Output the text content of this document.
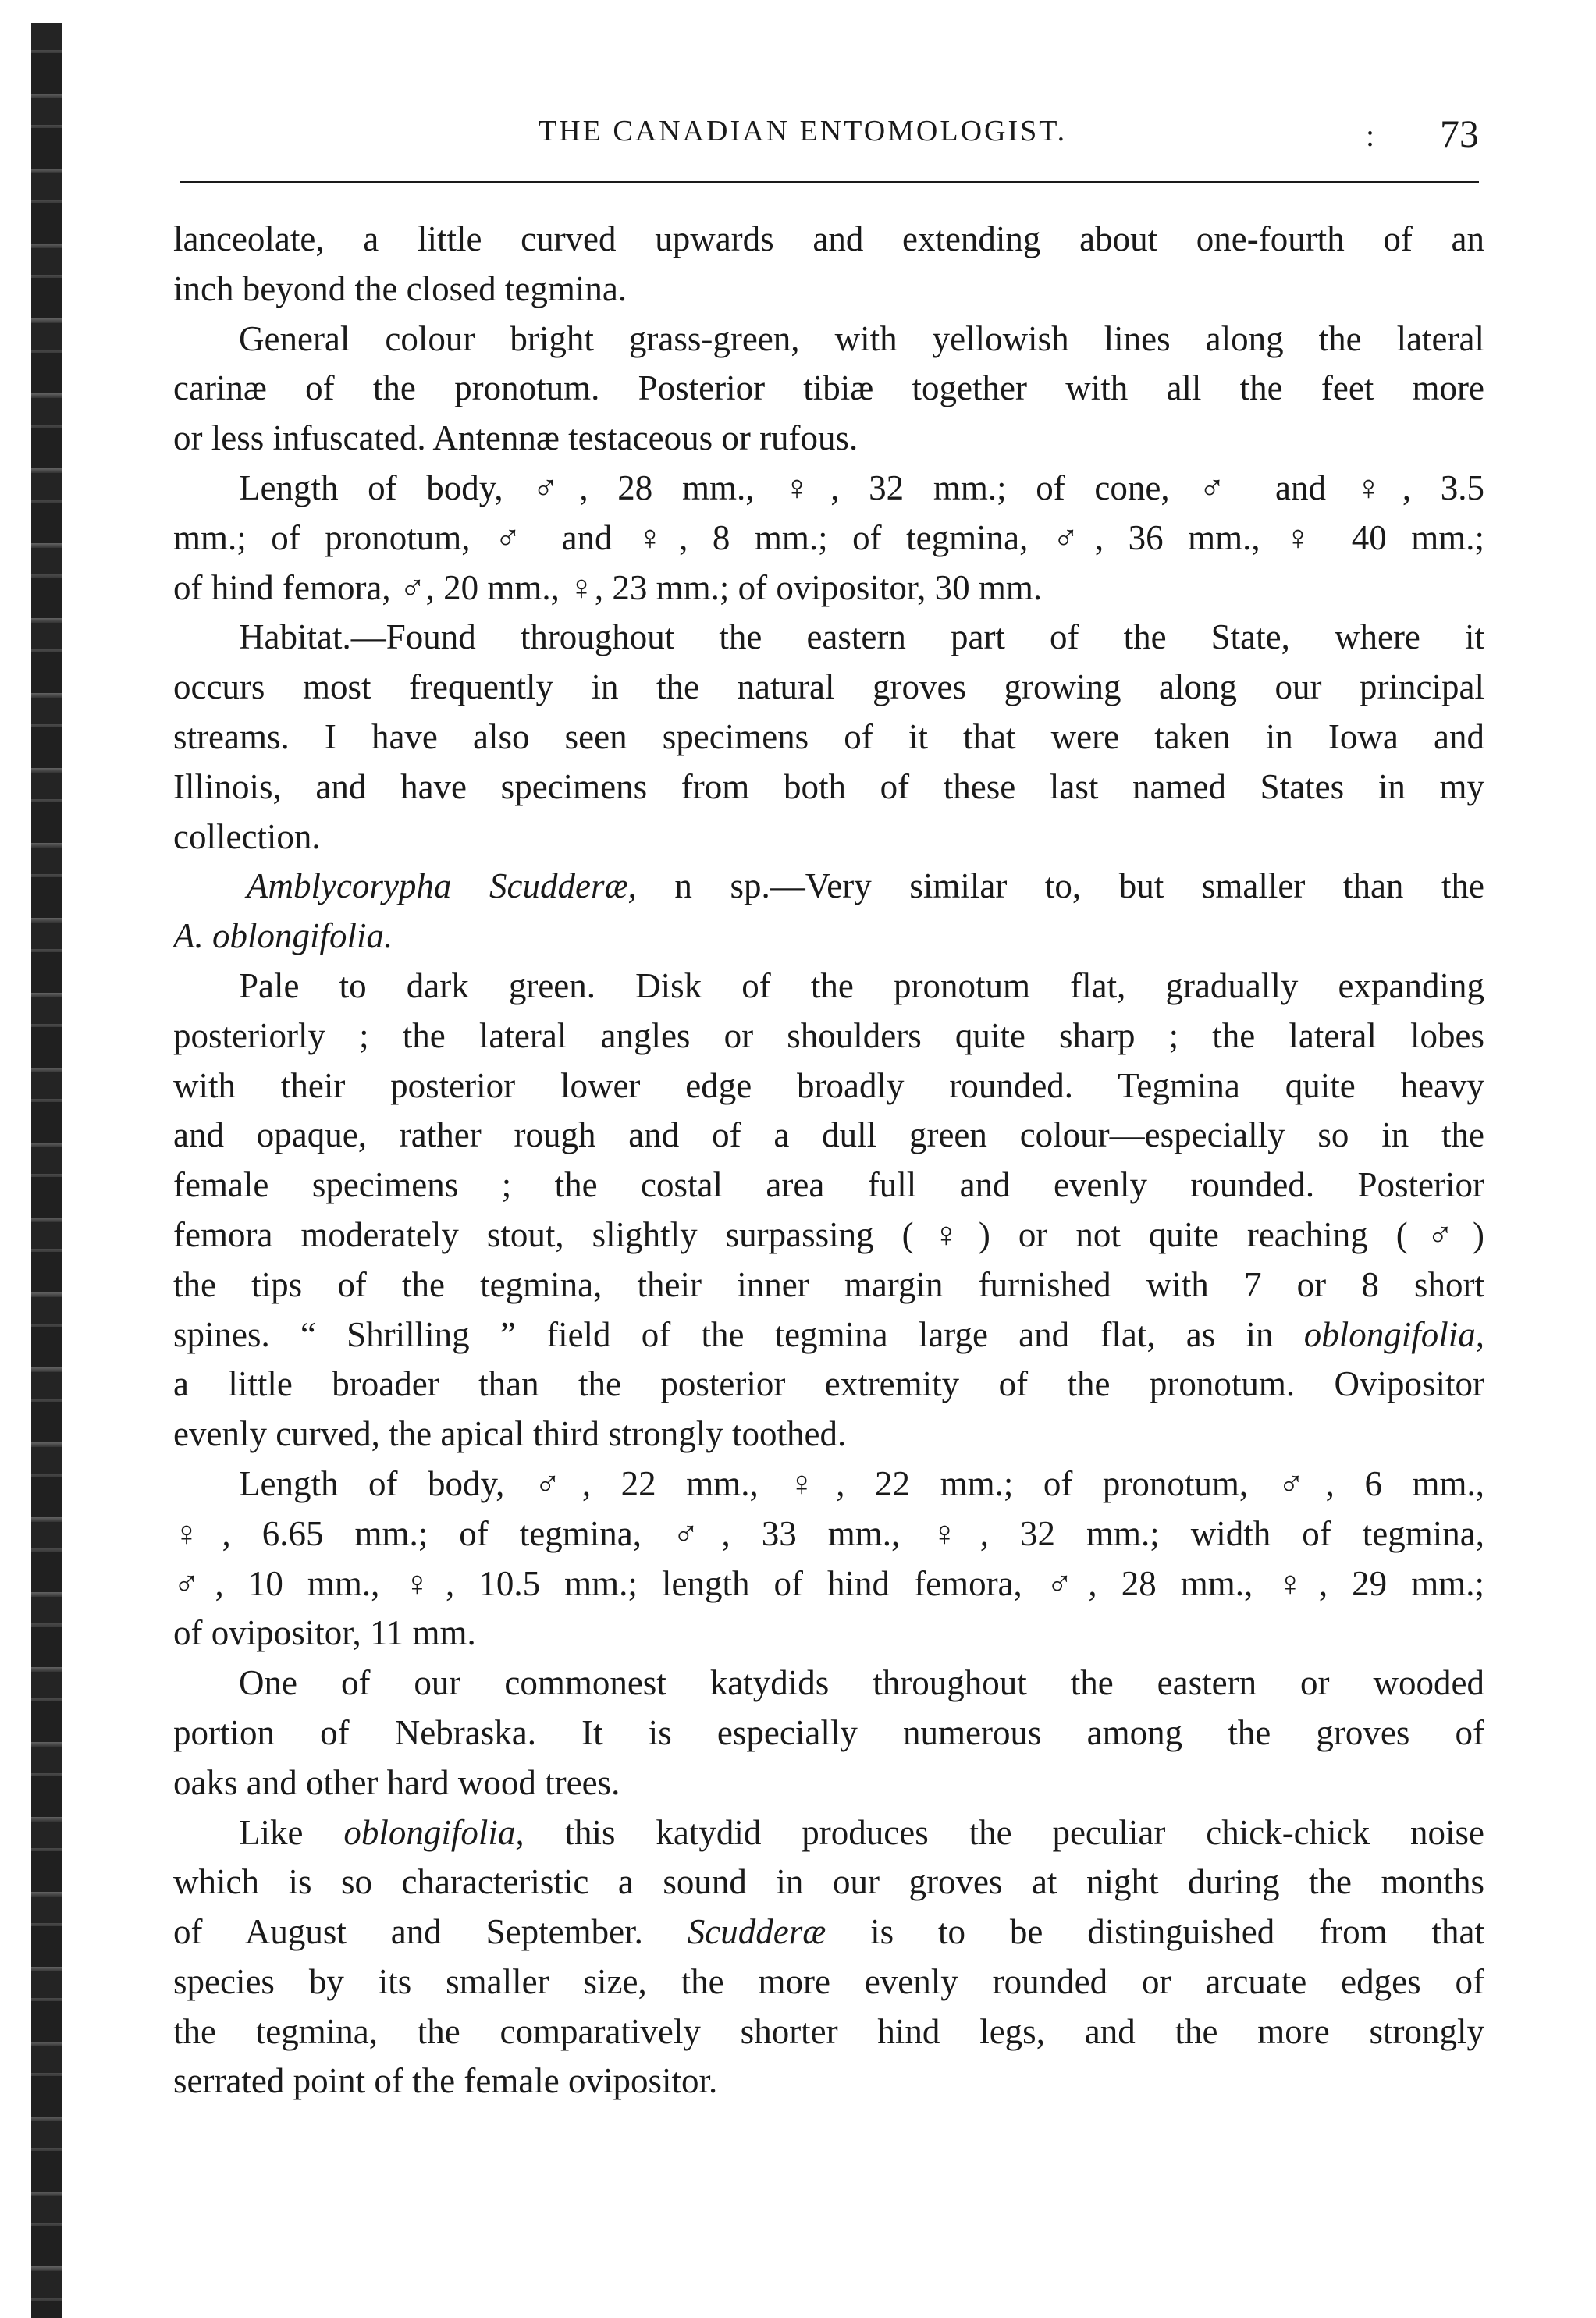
THE CANADIAN ENTOMOLOGIST.	: 73
lanceolate, a little curved upwards and extending about one-fourth of an
inch beyond the closed tegmina.
General colour bright grass-green, with yellowish lines along the lateral
carinæ of the pronotum. Posterior tibiæ together with all the feet more
or less infuscated. Antennæ testaceous or rufous.
Length of body, ♂, 28 mm., ♀, 32 mm.; of cone, ♂ and ♀, 3.5
mm.; of pronotum, ♂ and ♀, 8 mm.; of tegmina, ♂, 36 mm., ♀ 40 mm.;
of hind femora, ♂, 20 mm., ♀, 23 mm.; of ovipositor, 30 mm.
Habitat.—Found throughout the eastern part of the State, where it
occurs most frequently in the natural groves growing along our principal
streams. I have also seen specimens of it that were taken in Iowa and
Illinois, and have specimens from both of these last named States in my
collection.
Amblycorypha Scudderæ, n sp.—Very similar to, but smaller than the
A. oblongifolia.
Pale to dark green. Disk of the pronotum flat, gradually expanding
posteriorly ; the lateral angles or shoulders quite sharp ; the lateral lobes
with their posterior lower edge broadly rounded. Tegmina quite heavy
and opaque, rather rough and of a dull green colour—especially so in the
female specimens ; the costal area full and evenly rounded. Posterior
femora moderately stout, slightly surpassing (♀) or not quite reaching (♂)
the tips of the tegmina, their inner margin furnished with 7 or 8 short
spines. “ Shrilling ” field of the tegmina large and flat, as in oblongifolia,
a little broader than the posterior extremity of the pronotum. Ovipositor
evenly curved, the apical third strongly toothed.
Length of body, ♂, 22 mm., ♀, 22 mm.; of pronotum, ♂, 6 mm.,
♀, 6.65 mm.; of tegmina, ♂, 33 mm., ♀, 32 mm.; width of tegmina,
♂, 10 mm., ♀, 10.5 mm.; length of hind femora, ♂, 28 mm., ♀, 29 mm.;
of ovipositor, 11 mm.
One of our commonest katydids throughout the eastern or wooded
portion of Nebraska. It is especially numerous among the groves of
oaks and other hard wood trees.
Like oblongifolia, this katydid produces the peculiar chick-chick noise
which is so characteristic a sound in our groves at night during the months
of August and September. Scudderæ is to be distinguished from that
species by its smaller size, the more evenly rounded or arcuate edges of
the tegmina, the comparatively shorter hind legs, and the more strongly
serrated point of the female ovipositor.
